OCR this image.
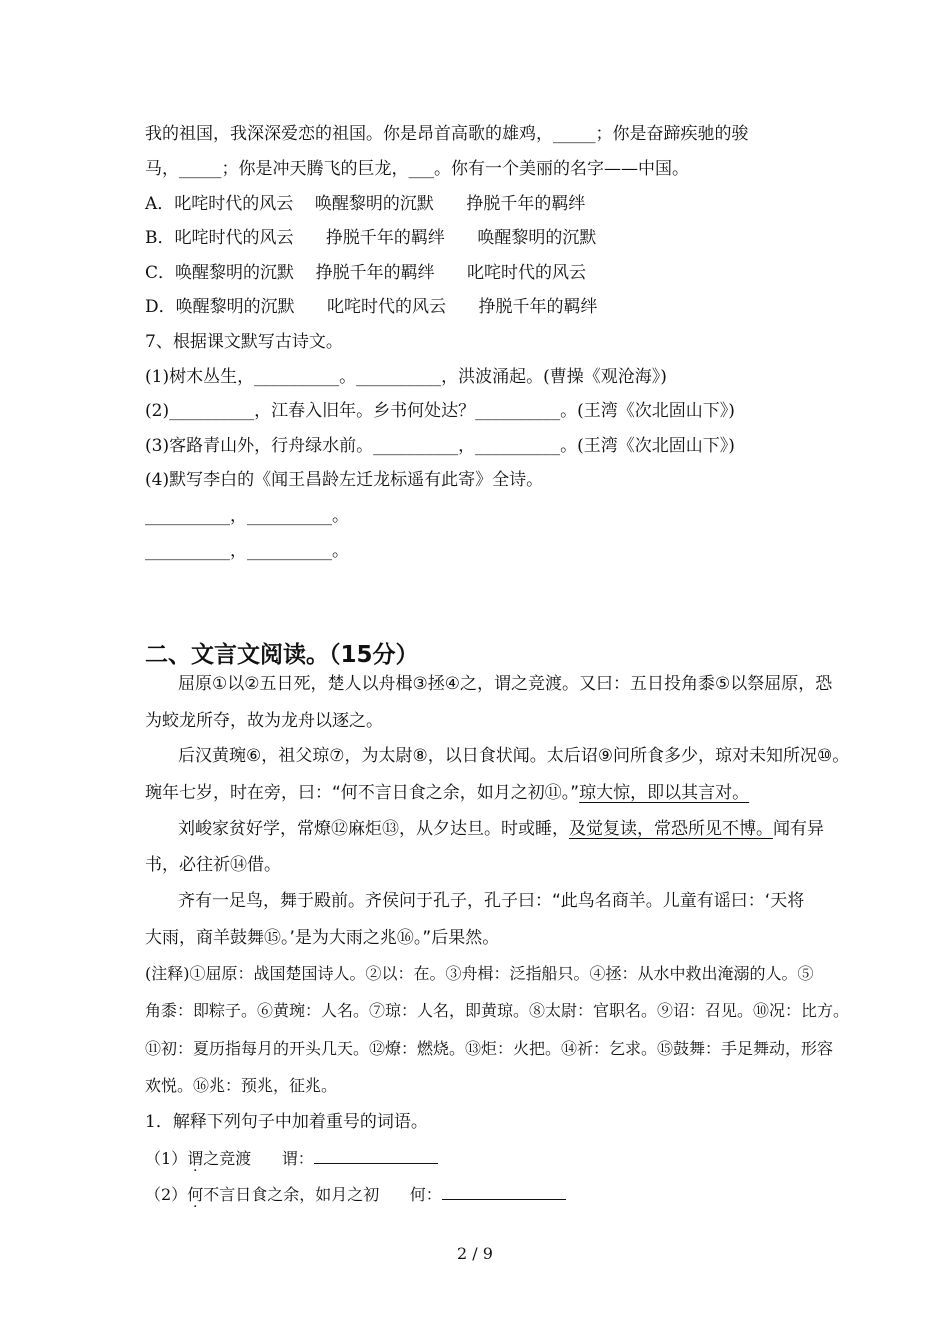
我的祖国，我深深爱恋的祖国。你是昂首高歌的雄鸡，_____；你是奋蹄疾驰的骏
马，_____；你是冲天腾飞的巨龙，___。你有一个美丽的名字——中国。
A．叱咤时代的风云    唤醒黎明的沉默      挣脱千年的羁绊
B．叱咤时代的风云      挣脱千年的羁绊      唤醒黎明的沉默
C．唤醒黎明的沉默    挣脱千年的羁绊      叱咤时代的风云
D．唤醒黎明的沉默      叱咤时代的风云      挣脱千年的羁绊
7、根据课文默写古诗文。
(1)树木丛生，__________。__________，洪波涌起。(曹操《观沧海》)
(2)__________，江春入旧年。乡书何处达？__________。(王湾《次北固山下》)
(3)客路青山外，行舟绿水前。__________，__________。(王湾《次北固山下》)
(4)默写李白的《闻王昌龄左迁龙标遥有此寄》全诗。
__________，__________。
__________，__________。
二、文言文阅读。（15分）
屈原①以②五日死，楚人以舟楫③拯④之，谓之竞渡。又曰：五日投角黍⑤以祭屈原，恐
为蛟龙所夺，故为龙舟以逐之。
后汉黄琬⑥，祖父琼⑦，为太尉⑧，以日食状闻。太后诏⑨问所食多少，琼对未知所况⑩。
琬年七岁，时在旁，曰：“何不言日食之余，如月之初⑪。”琼大惊，即以其言对。
刘峻家贫好学，常燎⑫麻炬⑬，从夕达旦。时或睡，及觉复读，常恐所见不博。闻有异
书，必往祈⑭借。
齐有一足鸟，舞于殿前。齐侯问于孔子，孔子曰：“此鸟名商羊。儿童有谣曰：‘天将
大雨，商羊鼓舞⑮。’是为大雨之兆⑯。”后果然。
(注释)①屈原：战国楚国诗人。②以：在。③舟楫：泛指船只。④拯：从水中救出淹溺的人。⑤
角黍：即粽子。⑥黄琬：人名。⑦琼：人名，即黄琼。⑧太尉：官职名。⑨诏：召见。⑩况：比方。
⑪初：夏历指每月的开头几天。⑫燎：燃烧。⑬炬：火把。⑭祈：乞求。⑮鼓舞：手足舞动，形容
欢悦。⑯兆：预兆，征兆。
1．解释下列句子中加着重号的词语。
（1）谓之竞渡      谓：
（2）何不言日食之余，如月之初      何：
2 / 9
